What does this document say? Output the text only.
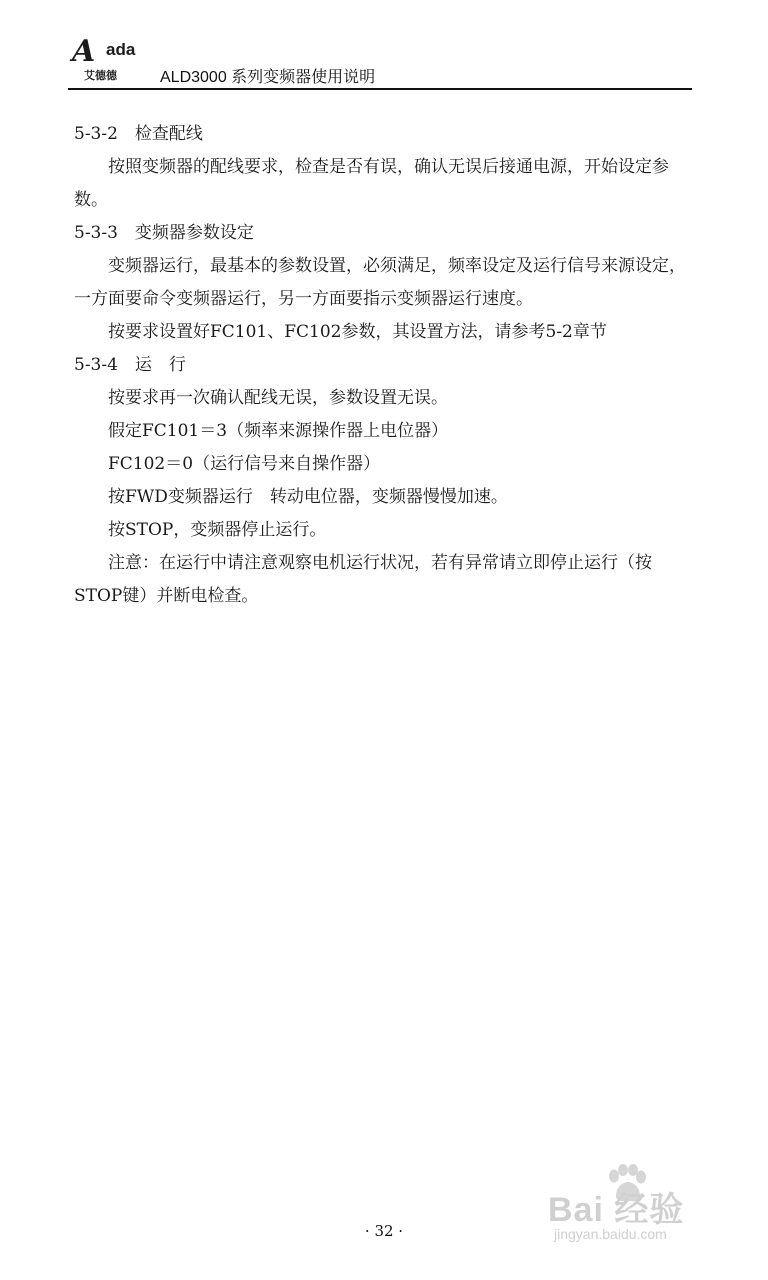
A ada
艾德德	ALD3000 系列变频器使用说明

5-3-2　检查配线

按照变频器的配线要求，检查是否有误，确认无误后接通电源，开始设定参数。

5-3-3　变频器参数设定

变频器运行，最基本的参数设置，必须满足，频率设定及运行信号来源设定，一方面要命令变频器运行，另一方面要指示变频器运行速度。

按要求设置好FC101、FC102参数，其设置方法，请参考5-2章节

5-3-4　运　行

按要求再一次确认配线无误，参数设置无误。

假定FC101＝3（频率来源操作器上电位器）

FC102＝0（运行信号来自操作器）

按FWD变频器运行　转动电位器，变频器慢慢加速。

按STOP，变频器停止运行。

注意：在运行中请注意观察电机运行状况，若有异常请立即停止运行（按STOP键）并断电检查。

Bai 经验
jingyan.baidu.com
· 32 ·
